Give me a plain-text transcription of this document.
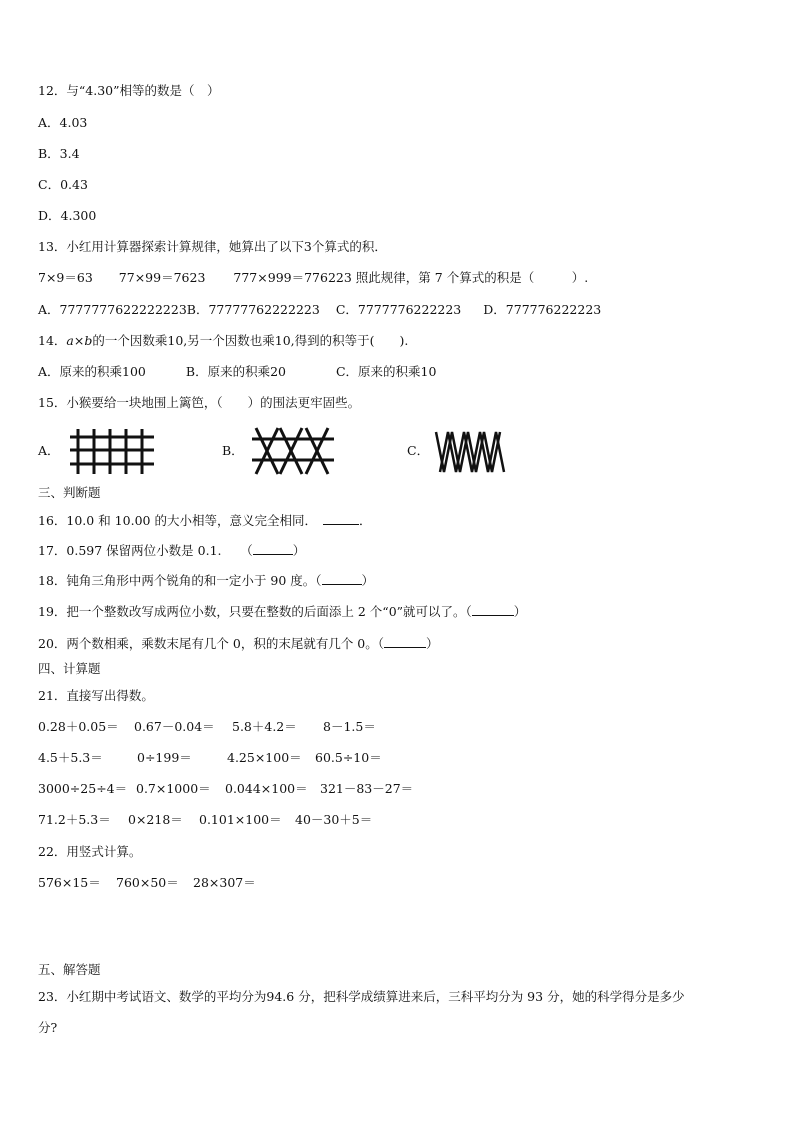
12．与“4.30”相等的数是（　）
A．4.03
B．3.4
C．0.43
D．4.300
13．小红用计算器探索计算规律，她算出了以下3个算式的积．
7×9＝63 77×99＝7623 777×999＝776223 照此规律，第 7 个算式的积是（　　　）.
A．7777777622222223B．77777762222223 C．7777776222223 D．777776222223
14．a×b的一个因数乘10,另一个因数也乘10,得到的积等于(　　).
A．原来的积乘100	B．原来的积乘20	C．原来的积乘10
15．小猴要给一块地围上篱笆，（　　）的围法更牢固些。
A．	B．	C．
三、判断题
16．10.0 和 10.00 的大小相等，意义完全相同．	．
17．0.597 保留两位小数是 0.1.　　（	）
18．钝角三角形中两个锐角的和一定小于 90 度。（	）
19．把一个整数改写成两位小数，只要在整数的后面添上 2 个“0”就可以了。（	）
20．两个数相乘，乘数末尾有几个 0，积的末尾就有几个 0。（	）
四、计算题
21．直接写出得数。
0.28＋0.05＝ 0.67－0.04＝ 5.8＋4.2＝ 8－1.5＝
4.5＋5.3＝	0÷199＝	4.25×100＝ 60.5÷10＝
3000÷25÷4＝ 0.7×1000＝ 0.044×100＝ 321－83－27＝
71.2＋5.3＝ 0×218＝ 0.101×100＝ 40－30＋5＝
22．用竖式计算。
576×15＝ 760×50＝ 28×307＝
五、解答题
23．小红期中考试语文、数学的平均分为94.6 分，把科学成绩算进来后，三科平均分为 93 分，她的科学得分是多少
分?
